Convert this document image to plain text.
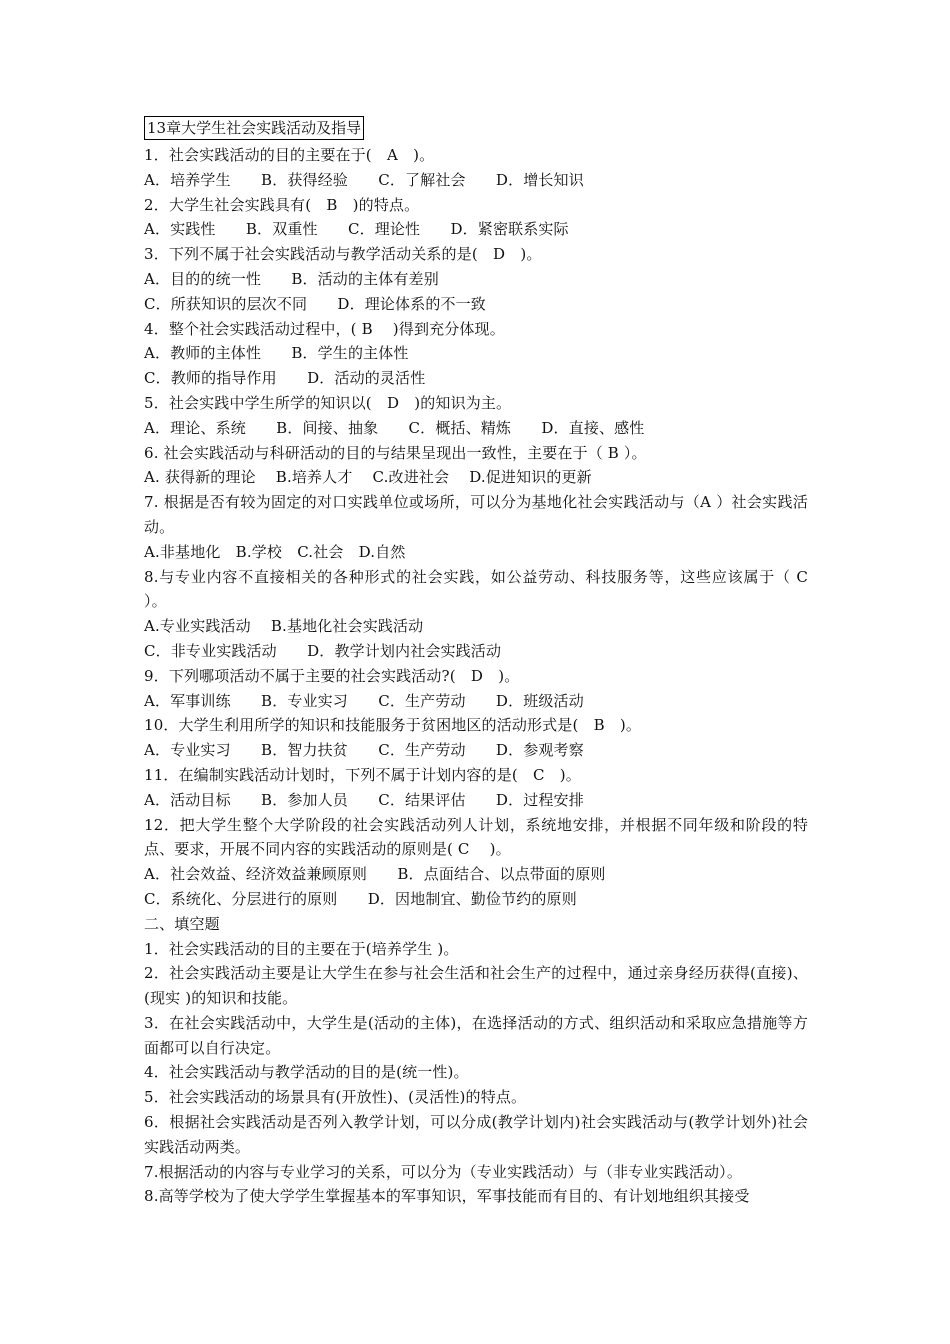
13章大学生社会实践活动及指导
1．社会实践活动的目的主要在于(　A　)。
A．培养学生　　B．获得经验　　C．了解社会　　D．增长知识
2．大学生社会实践具有(　B　)的特点。
A．实践性　　B．双重性　　C．理论性　　D．紧密联系实际
3．下列不属于社会实践活动与教学活动关系的是(　D　)。
A．目的的统一性　　B．活动的主体有差别
C．所获知识的层次不同　　D．理论体系的不一致
4．整个社会实践活动过程中，( B　 )得到充分体现。
A．教师的主体性　　B．学生的主体性
C．教师的指导作用　　D．活动的灵活性
5．社会实践中学生所学的知识以(　D　)的知识为主。
A．理论、系统　　B．间接、抽象　　C．概括、精炼　　D．直接、感性
6. 社会实践活动与科研活动的目的与结果呈现出一致性，主要在于（ B ）。
A. 获得新的理论　 B.培养人才　 C.改进社会　 D.促进知识的更新
7. 根据是否有较为固定的对口实践单位或场所，可以分为基地化社会实践活动与（A ）社会实践活动。
A.非基地化　B.学校　C.社会　D.自然
8.与专业内容不直接相关的各种形式的社会实践，如公益劳动、科技服务等，这些应该属于（ C ）。
A.专业实践活动　 B.基地化社会实践活动
C．非专业实践活动　　D．教学计划内社会实践活动
9．下列哪项活动不属于主要的社会实践活动?(　D　)。
A．军事训练　　B．专业实习　　C．生产劳动　　D．班级活动
10．大学生利用所学的知识和技能服务于贫困地区的活动形式是(　B　)。
A．专业实习　　B．智力扶贫　　C．生产劳动　　D．参观考察
11．在编制实践活动计划时，下列不属于计划内容的是(　C　)。
A．活动目标　　B．参加人员　　C．结果评估　　D．过程安排
12．把大学生整个大学阶段的社会实践活动列人计划，系统地安排，并根据不同年级和阶段的特点、要求，开展不同内容的实践活动的原则是( C　 )。
A．社会效益、经济效益兼顾原则　　B．点面结合、以点带面的原则
C．系统化、分层进行的原则　　D．因地制宜、勤俭节约的原则
二、填空题
1．社会实践活动的目的主要在于(培养学生 )。
2．社会实践活动主要是让大学生在参与社会生活和社会生产的过程中，通过亲身经历获得(直接)、(现实 )的知识和技能。
3．在社会实践活动中，大学生是(活动的主体)，在选择活动的方式、组织活动和采取应急措施等方面都可以自行决定。
4．社会实践活动与教学活动的目的是(统一性)。
5．社会实践活动的场景具有(开放性)、(灵活性)的特点。
6．根据社会实践活动是否列入教学计划，可以分成(教学计划内)社会实践活动与(教学计划外)社会实践活动两类。
7.根据活动的内容与专业学习的关系，可以分为（专业实践活动）与（非专业实践活动）。
8.高等学校为了使大学学生掌握基本的军事知识，军事技能而有目的、有计划地组织其接受
